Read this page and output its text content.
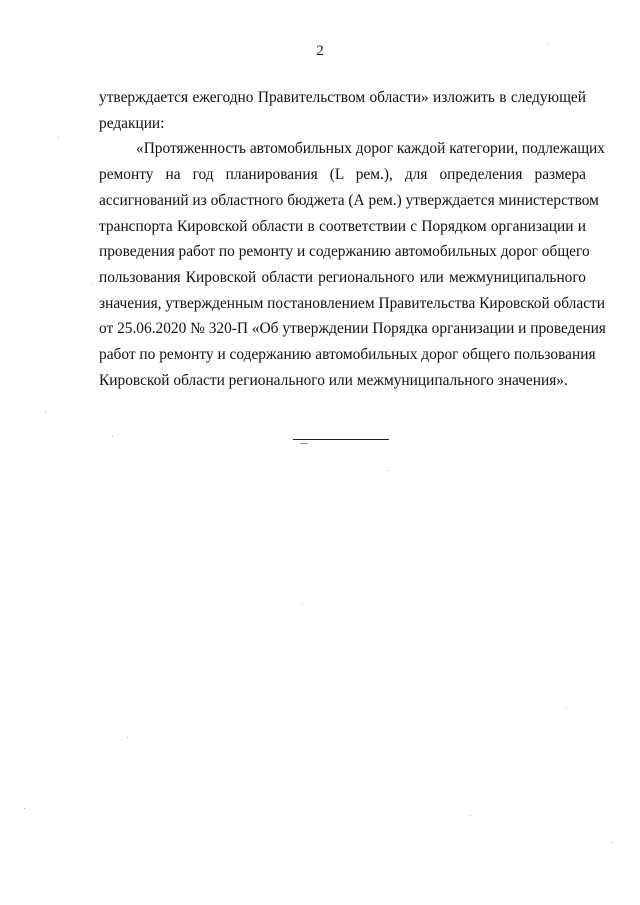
2
утверждается ежегодно Правительством области» изложить в следующей
редакции:
«Протяженность автомобильных дорог каждой категории, подлежащих
ремонту на год планирования (L рем.), для определения размера
ассигнований из областного бюджета (А рем.) утверждается министерством
транспорта Кировской области в соответствии с Порядком организации и
проведения работ по ремонту и содержанию автомобильных дорог общего
пользования Кировской области регионального или межмуниципального
значения, утвержденным постановлением Правительства Кировской области
от 25.06.2020 № 320-П «Об утверждении Порядка организации и проведения
работ по ремонту и содержанию автомобильных дорог общего пользования
Кировской области регионального или межмуниципального значения».
